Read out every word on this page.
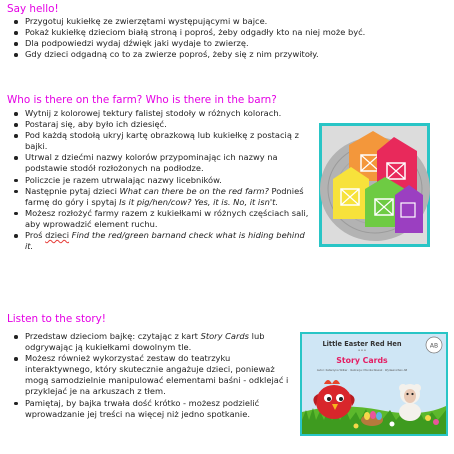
Say hello!
Przygotuj kukiełkę ze zwierzętami występującymi w bajce.
Pokaż kukiełkę dzieciom białą stroną i poproś, żeby odgadły kto na niej może być.
Dla podpowiedzi wydaj dźwięk jaki wydaje to zwierzę.
Gdy dzieci odgadną co to za zwierze poproś, żeby się z nim przywitoły.
Who is there on the farm? Who is there in the barn?
Wytnij z kolorowej tektury falistej stodoły w różnych kolorach.
Postaraj się, aby było ich dziesięć.
Pod każdą stodołą ukryj kartę obrazkową lub kukiełkę z postacią z bajki.
Utrwal z dziećmi nazwy kolorów przypominając ich nazwy na podstawie stodół rozłożonych na podłodze.
Policzcie je razem utrwalając nazwy licebników.
Następnie pytaj dzieci What can there be on the red farm? Podnieś farmę do góry i spytaj Is it pig/hen/cow? Yes, it is. No, it isn't.
Możesz rozłożyć farmy razem z kukiełkami w różnych częściach sali, aby wprowadzić element ruchu.
Proś dzieci Find the red/green barnand check what is hiding behind it.
Listen to the story!
Przedstaw dzieciom bajkę: czytając z kart Story Cards lub odgrywając ją kukiełkami dowolnym tle.
Możesz również wykorzystać zestaw do teatrzyku interaktywnego, który skutecznie angażuje dzieci, ponieważ mogą samodzielnie manipulować elementami baśni - odklejać i przyklejać je na arkuszach z tłem.
Pamiętaj, by bajka trwała dość krótko - możesz podzielić wprowadzanie jej treści na więcej niż jedno spotkanie.
Little Easter Red Hen
•••
Story Cards
Autor: Katarzyna Wilker · Ilustracje: Monika Nowak · Wydawnictwo AB
AB
